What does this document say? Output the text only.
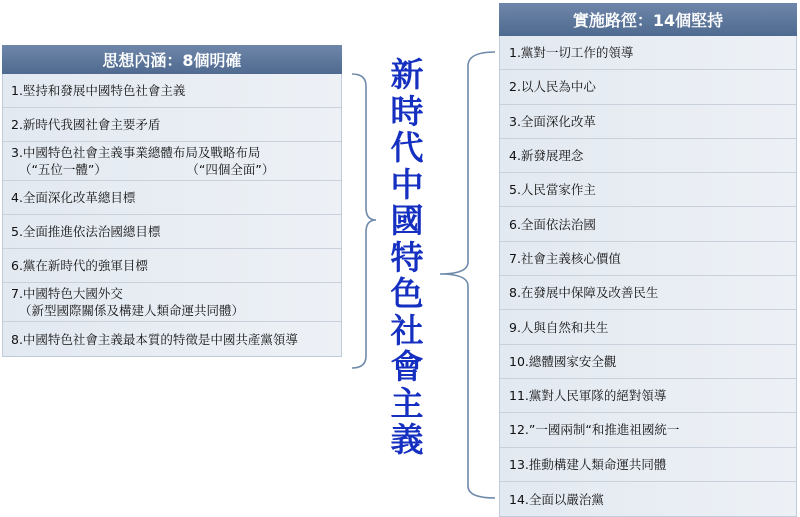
思想內涵：8個明確
1.堅持和發展中國特色社會主義
2.新時代我國社會主要矛盾
3.中國特色社會主義事業總體布局及戰略布局
（“五位一體”）                    （“四個全面”）
4.全面深化改革總目標
5.全面推進依法治國總目標
6.黨在新時代的強軍目標
7.中國特色大國外交
（新型國際關係及構建人類命運共同體）
8.中國特色社會主義最本質的特徵是中國共產黨領導
新
時
代
中
國
特
色
社
會
主
義
實施路徑：14個堅持
1.黨對一切工作的領導
2.以人民為中心
3.全面深化改革
4.新發展理念
5.人民當家作主
6.全面依法治國
7.社會主義核心價值
8.在發展中保障及改善民生
9.人與自然和共生
10.總體國家安全觀
11.黨對人民軍隊的絕對領導
12.”一國兩制“和推進祖國統一
13.推動構建人類命運共同體
14.全面以嚴治黨
